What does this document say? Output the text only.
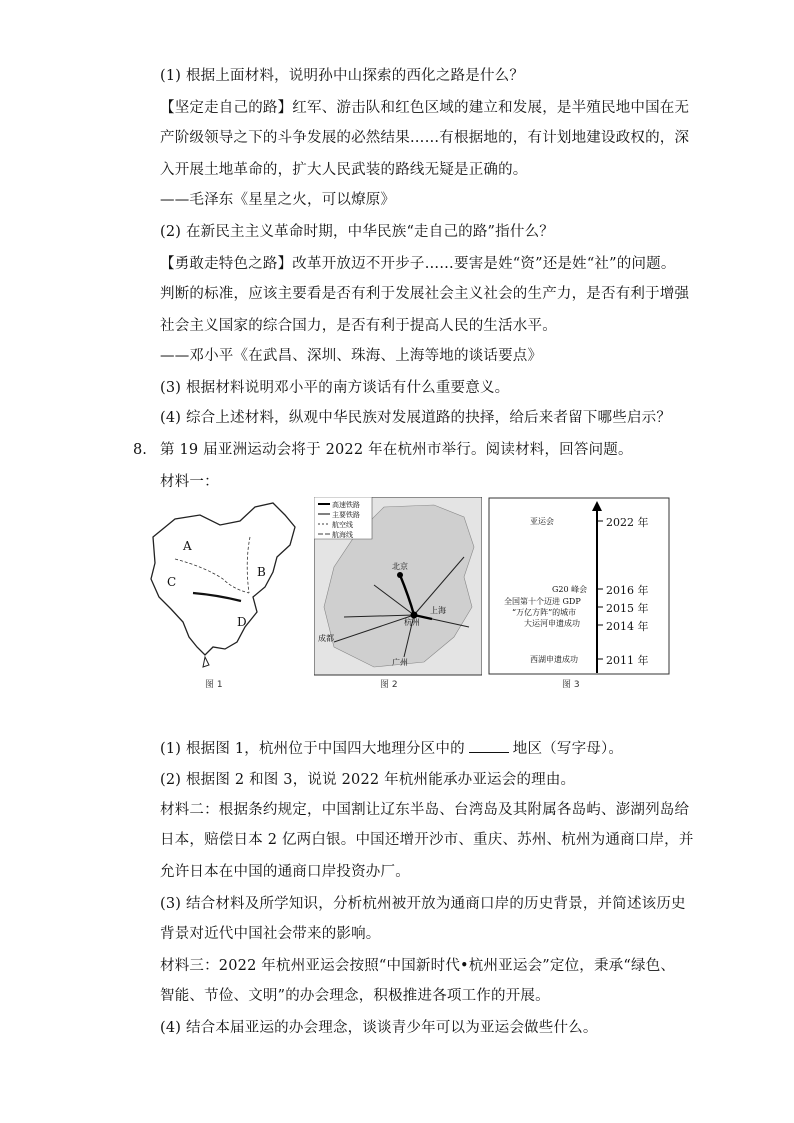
(1) 根据上面材料，说明孙中山探索的西化之路是什么？
【坚定走自己的路】红军、游击队和红色区域的建立和发展，是半殖民地中国在无
产阶级领导之下的斗争发展的必然结果……有根据地的，有计划地建设政权的，深
入开展土地革命的，扩大人民武装的路线无疑是正确的。
——毛泽东《星星之火，可以燎原》
(2) 在新民主主义革命时期，中华民族“走自己的路”指什么？
【勇敢走特色之路】改革开放迈不开步子……要害是姓“资”还是姓“社”的问题。
判断的标准，应该主要看是否有利于发展社会主义社会的生产力，是否有利于增强
社会主义国家的综合国力，是否有利于提高人民的生活水平。
——邓小平《在武昌、深圳、珠海、上海等地的谈话要点》
(3) 根据材料说明邓小平的南方谈话有什么重要意义。
(4) 综合上述材料，纵观中华民族对发展道路的抉择，给后来者留下哪些启示？
8. 第 19 届亚洲运动会将于 2022 年在杭州市举行。阅读材料，回答问题。
材料一：
A
B
C
D
图 1
高速铁路
主要铁路
航空线
航海线
北京
成都
杭州
广州
上海
图 2
2022 年
亚运会
2016 年
G20 峰会
2015 年
全国第十个迈进 GDP
“万亿方阵”的城市
2014 年
大运河申遗成功
2011 年
西湖申遗成功
图 3
(1) 根据图 1，杭州位于中国四大地理分区中的	地区（写字母）。
(2) 根据图 2 和图 3，说说 2022 年杭州能承办亚运会的理由。
材料二：根据条约规定，中国割让辽东半岛、台湾岛及其附属各岛屿、澎湖列岛给
日本，赔偿日本 2 亿两白银。中国还增开沙市、重庆、苏州、杭州为通商口岸，并
允许日本在中国的通商口岸投资办厂。
(3) 结合材料及所学知识，分析杭州被开放为通商口岸的历史背景，并简述该历史
背景对近代中国社会带来的影响。
材料三：2022 年杭州亚运会按照“中国新时代•杭州亚运会”定位，秉承“绿色、
智能、节俭、文明”的办会理念，积极推进各项工作的开展。
(4) 结合本届亚运的办会理念，谈谈青少年可以为亚运会做些什么。
